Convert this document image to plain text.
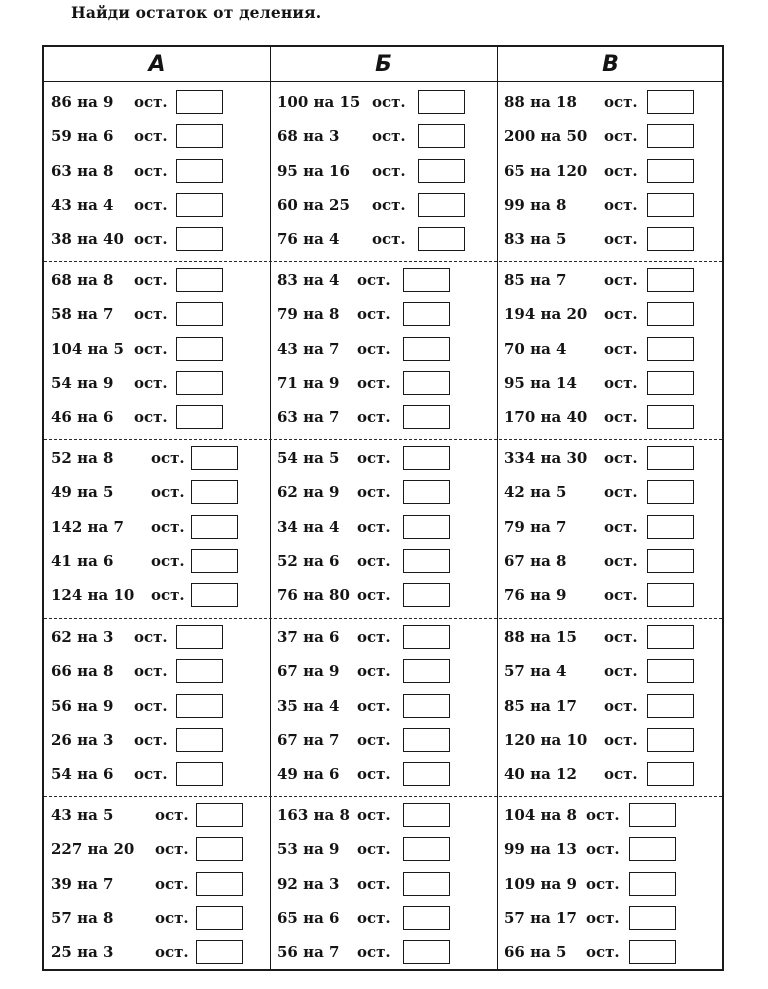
Найди остаток от деления.
А	Б	В
86 на 9 ост.
59 на 6 ост.
63 на 8 ост.
43 на 4 ост.
38 на 40 ост.
68 на 8 ост.
58 на 7 ост.
104 на 5 ост.
54 на 9 ост.
46 на 6 ост.
52 на 8	ост.
49 на 5	ост.
142 на 7 ост.
41 на 6	ост.
124 на 10 ост.
62 на 3 ост.
66 на 8 ост.
56 на 9 ост.
26 на 3 ост.
54 на 6 ост.
43 на 5	ост.
227 на 20 ост.
39 на 7	ост.
57 на 8	ост.
25 на 3	ост.
100 на 15 ост.
68 на 3 ост.
95 на 16 ост.
60 на 25 ост.
76 на 4 ост.
83 на 4 ост.
79 на 8 ост.
43 на 7 ост.
71 на 9 ост.
63 на 7 ост.
54 на 5 ост.
62 на 9 ост.
34 на 4 ост.
52 на 6 ост.
76 на 80 ост.
37 на 6 ост.
67 на 9 ост.
35 на 4 ост.
67 на 7 ост.
49 на 6 ост.
163 на 8 ост.
53 на 9 ост.
92 на 3 ост.
65 на 6 ост.
56 на 7 ост.
88 на 18 ост.
200 на 50 ост.
65 на 120 ост.
99 на 8	ост.
83 на 5	ост.
85 на 7	ост.
194 на 20 ост.
70 на 4	ост.
95 на 14 ост.
170 на 40 ост.
334 на 30 ост.
42 на 5	ост.
79 на 7	ост.
67 на 8	ост.
76 на 9	ост.
88 на 15 ост.
57 на 4	ост.
85 на 17 ост.
120 на 10 ост.
40 на 12 ост.
104 на 8 ост.
99 на 13 ост.
109 на 9 ост.
57 на 17 ост.
66 на 5 ост.
